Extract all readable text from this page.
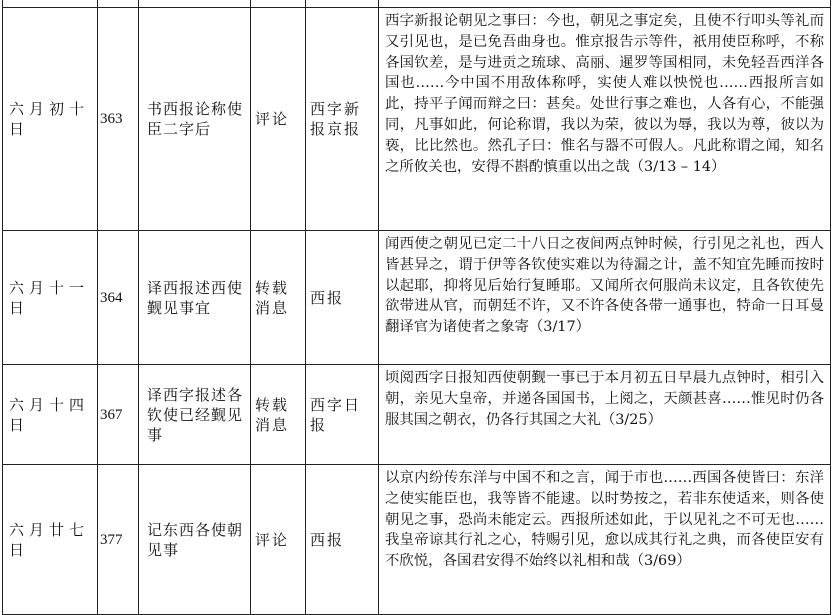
六月初十日	363	书西报论称使臣二字后	评论	西字新报京报	西字新报论朝见之事曰：今也，朝见之事定矣，且使不行叩头等礼而又引见也，是已免吾曲身也。惟京报告示等件，祇用使臣称呼，不称各国钦差，是与进贡之琉球、高丽、暹罗等国相同，未免轻吾西洋各国也……今中国不用敌体称呼，实使人难以怏悦也……西报所言如此，持平子闻而辩之曰：甚矣。处世行事之难也，人各有心，不能强同，凡事如此，何论称谓，我以为荣，彼以为辱，我以为尊，彼以为亵，比比然也。然孔子曰：惟名与器不可假人。凡此称谓之闻，知名之所攸关也，安得不斟酌慎重以出之哉（3/13 – 14）
六月十一日	364	译西报述西使觐见事宜	转载消息	西报	闻西使之朝见已定二十八日之夜间两点钟时候，行引见之礼也，西人皆甚异之，谓于伊等各钦使实难以为待漏之计，盖不知宜先睡而按时以起耶，抑将见后始行复睡耶。又闻所衣何服尚未议定，且各钦使先欲带进从官，而朝廷不许，又不许各使各带一通事也，特命一日耳曼翻译官为诸使者之象寄（3/17）
六月十四日	367	译西字报述各钦使已经觐见事	转载消息	西字日报	顷阅西字日报知西使朝觐一事已于本月初五日早晨九点钟时，相引入朝，亲见大皇帝，并递各国国书，上阅之，天颜甚喜……惟见时仍各服其国之朝衣，仍各行其国之大礼（3/25）
六月廿七日	377	记东西各使朝见事	评论	西报	以京内纷传东洋与中国不和之言，闻于市也……西国各使皆曰：东洋之使实能臣也，我等皆不能逮。以时势按之，若非东使适来，则各使朝见之事，恐尚未能定云。西报所述如此，于以见礼之不可无也……我皇帝谅其行礼之心，特赐引见，愈以成其行礼之典，而各使臣安有不欣悦，各国君安得不始终以礼相和哉（3/69）
